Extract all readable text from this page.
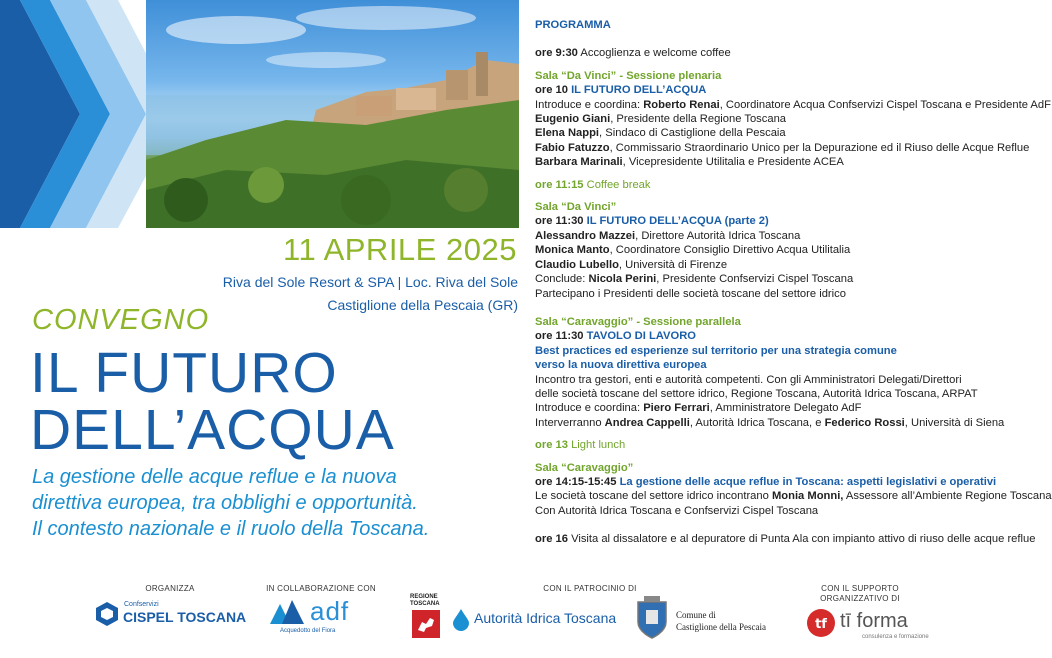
11 APRILE 2025
Riva del Sole Resort & SPA | Loc. Riva del Sole
Castiglione della Pescaia (GR)
CONVEGNO
IL FUTURO
DELL’ACQUA
La gestione delle acque reflue e la nuova
direttiva europea, tra obblighi e opportunità.
Il contesto nazionale e il ruolo della Toscana.
PROGRAMMA
ore 9:30 Accoglienza e welcome coffee
Sala “Da Vinci” - Sessione plenaria
ore 10 IL FUTURO DELL’ACQUA
Introduce e coordina: Roberto Renai, Coordinatore Acqua Confservizi Cispel Toscana e Presidente AdF
Eugenio Giani, Presidente della Regione Toscana
Elena Nappi, Sindaco di Castiglione della Pescaia
Fabio Fatuzzo, Commissario Straordinario Unico per la Depurazione ed il Riuso delle Acque Reflue
Barbara Marinali, Vicepresidente Utilitalia e Presidente ACEA
ore 11:15 Coffee break
Sala “Da Vinci”
ore 11:30 IL FUTURO DELL’ACQUA (parte 2)
Alessandro Mazzei, Direttore Autorità Idrica Toscana
Monica Manto, Coordinatore Consiglio Direttivo Acqua Utilitalia
Claudio Lubello, Università di Firenze
Conclude: Nicola Perini, Presidente Confservizi Cispel Toscana
Partecipano i Presidenti delle società toscane del settore idrico
Sala “Caravaggio” - Sessione parallela
ore 11:30 TAVOLO DI LAVORO
Best practices ed esperienze sul territorio per una strategia comune
verso la nuova direttiva europea
Incontro tra gestori, enti e autorità competenti. Con gli Amministratori Delegati/Direttori
delle società toscane del settore idrico, Regione Toscana, Autorità Idrica Toscana, ARPAT
Introduce e coordina: Piero Ferrari, Amministratore Delegato AdF
Interverranno Andrea Cappelli, Autorità Idrica Toscana, e Federico Rossi, Università di Siena
ore 13 Light lunch
Sala “Caravaggio”
ore 14:15-15:45 La gestione delle acque reflue in Toscana: aspetti legislativi e operativi
Le società toscane del settore idrico incontrano Monia Monni, Assessore all’Ambiente Regione Toscana
Con Autorità Idrica Toscana e Confservizi Cispel Toscana
ore 16 Visita al dissalatore e al depuratore di Punta Ala con impianto attivo di riuso delle acque reflue
ORGANIZZA	IN COLLABORAZIONE CON	CON IL PATROCINIO DI	CON IL SUPPORTO
ORGANIZZATIVO DI
Confservizi
CISPEL TOSCANA adf
Acquedotto del Fiora
REGIONE
TOSCANA
Autorità Idrica Toscana	Comune di
Castiglione della Pescaia	tf tī forma
consulenza e formazione
